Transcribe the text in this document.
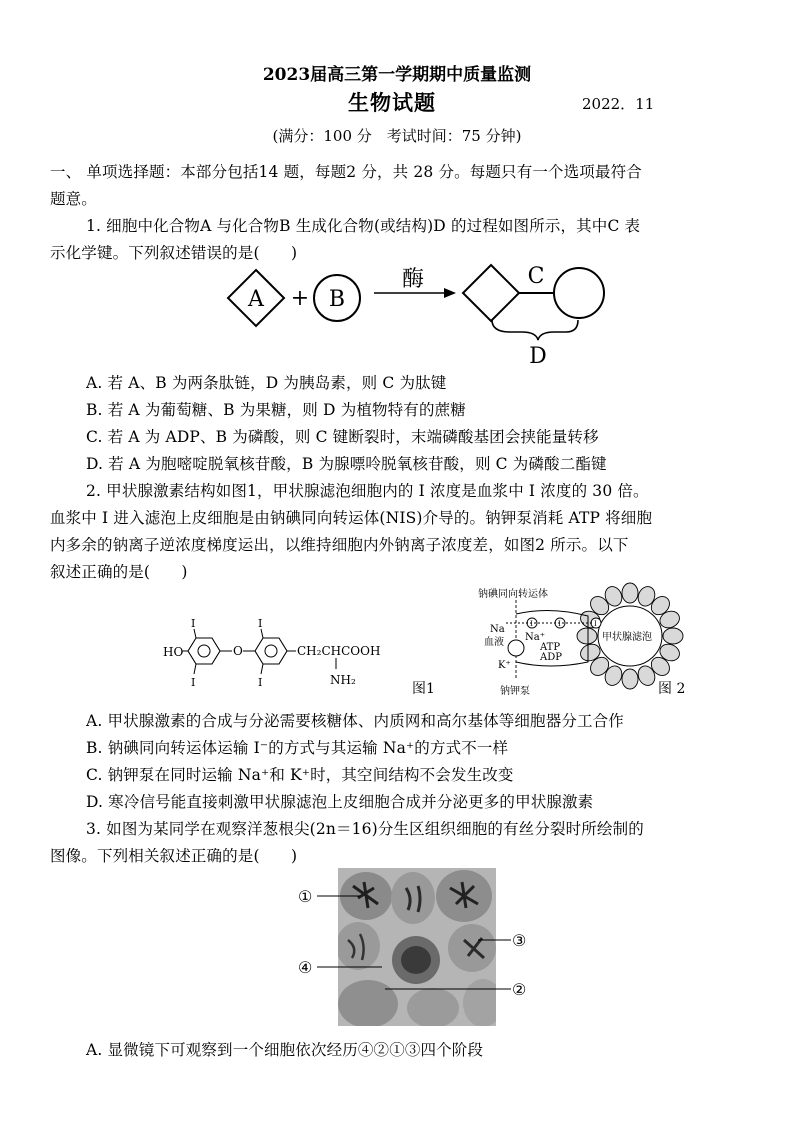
2023届高三第一学期期中质量监测
生物试题	2022．11
(满分：100 分　考试时间：75 分钟)
一、 单项选择题：本部分包括14 题，每题2 分，共 28 分。每题只有一个选项最符合
题意。
1. 细胞中化合物A 与化合物B 生成化合物(或结构)D 的过程如图所示，其中C 表
示化学键。下列叙述错误的是(　　)
A + B
酶	C
D
A. 若 A、B 为两条肽链，D 为胰岛素，则 C 为肽键
B. 若 A 为葡萄糖、B 为果糖，则 D 为植物特有的蔗糖
C. 若 A 为 ADP、B 为磷酸，则 C 键断裂时，末端磷酸基团会挟能量转移
D. 若 A 为胞嘧啶脱氧核苷酸，B 为腺嘌呤脱氧核苷酸，则 C 为磷酸二酯键
2. 甲状腺激素结构如图1，甲状腺滤泡细胞内的 I 浓度是血浆中 I 浓度的 30 倍。
血浆中 I 进入滤泡上皮细胞是由钠碘同向转运体(NIS)介导的。钠钾泵消耗 ATP 将细胞
内多余的钠离子逆浓度梯度运出，以维持细胞内外钠离子浓度差，如图2 所示。以下
叙述正确的是(　　)
HO
I
I
O
I
I
CH₂CHCOOH
NH₂
图1
甲状腺滤泡
钠碘同向转运体
Na
血液
I	I	I
Na⁺
ATP
ADP
K⁺
钠钾泵	图 2
A. 甲状腺激素的合成与分泌需要核糖体、内质网和高尔基体等细胞器分工合作
B. 钠碘同向转运体运输 I⁻的方式与其运输 Na⁺的方式不一样
C. 钠钾泵在同时运输 Na⁺和 K⁺时，其空间结构不会发生改变
D. 寒冷信号能直接刺激甲状腺滤泡上皮细胞合成并分泌更多的甲状腺激素
3. 如图为某同学在观察洋葱根尖(2n＝16)分生区组织细胞的有丝分裂时所绘制的
图像。下列相关叙述正确的是(　　)
①
③
④
②
A. 显微镜下可观察到一个细胞依次经历④②①③四个阶段
